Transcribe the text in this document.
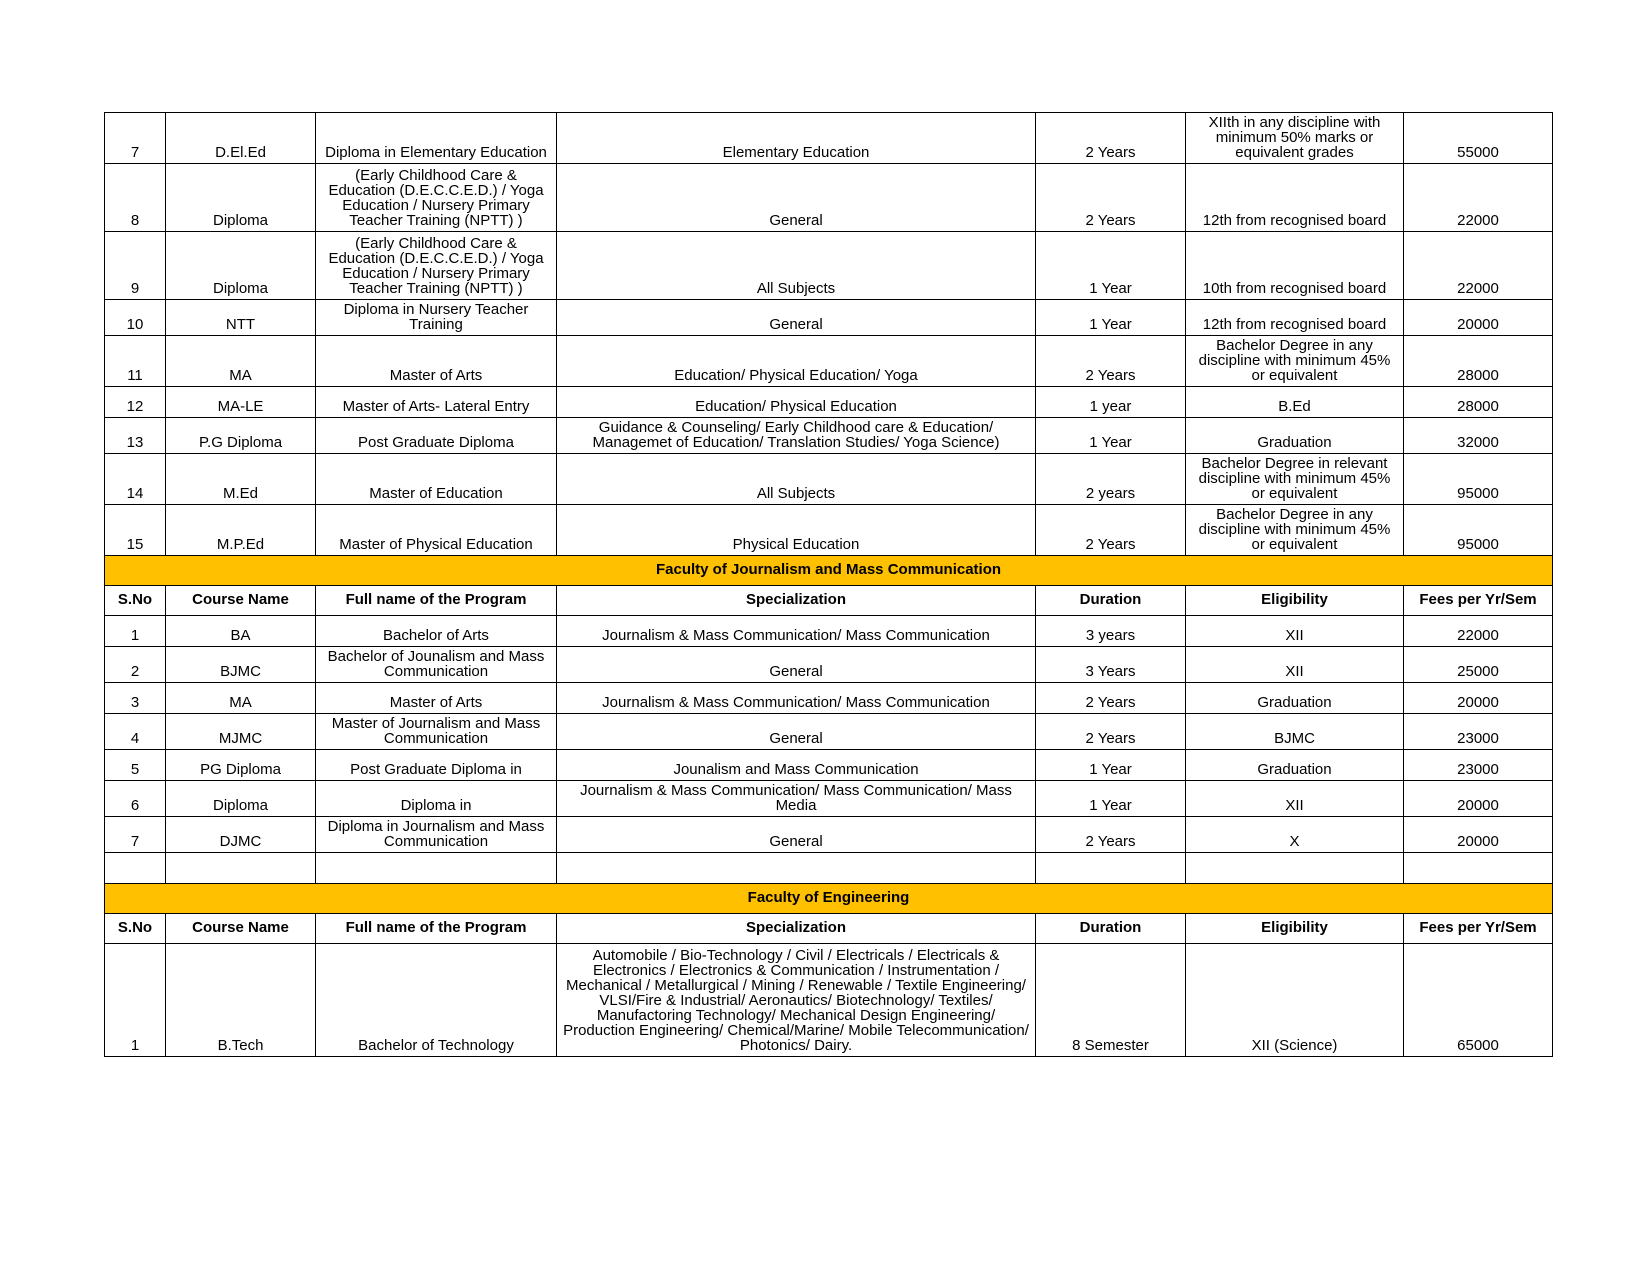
7	D.El.Ed	Diploma in Elementary Education	Elementary Education	2 Years	XIIth in any discipline with minimum 50% marks or equivalent grades	55000
8	Diploma	(Early Childhood Care & Education (D.E.C.C.E.D.) / Yoga Education / Nursery Primary Teacher Training (NPTT) )	General	2 Years	12th from recognised board	22000
9	Diploma	(Early Childhood Care & Education (D.E.C.C.E.D.) / Yoga Education / Nursery Primary Teacher Training (NPTT) )	All Subjects	1 Year	10th from recognised board	22000
10	NTT	Diploma in Nursery Teacher Training	General	1 Year	12th from recognised board	20000
11	MA	Master of Arts	Education/ Physical Education/ Yoga	2 Years	Bachelor Degree in any discipline with minimum 45% or equivalent	28000
12	MA-LE	Master of Arts- Lateral Entry	Education/ Physical Education	1 year	B.Ed	28000
13	P.G Diploma	Post Graduate Diploma	Guidance & Counseling/ Early Childhood care & Education/ Managemet of Education/ Translation Studies/ Yoga Science)	1 Year	Graduation	32000
14	M.Ed	Master of Education	All Subjects	2 years	Bachelor Degree in relevant discipline with minimum 45% or equivalent	95000
15	M.P.Ed	Master of Physical Education	Physical Education	2 Years	Bachelor Degree in any discipline with minimum 45% or equivalent	95000
Faculty of Journalism and Mass Communication						
S.No	Course Name	Full name of the Program	Specialization	Duration	Eligibility	Fees per Yr/Sem
1	BA	Bachelor of Arts	Journalism & Mass Communication/ Mass Communication	3 years	XII	22000
2	BJMC	Bachelor of Jounalism and Mass Communication	General	3 Years	XII	25000
3	MA	Master of Arts	Journalism & Mass Communication/ Mass Communication	2 Years	Graduation	20000
4	MJMC	Master of Journalism and Mass Communication	General	2 Years	BJMC	23000
5	PG Diploma	Post Graduate Diploma in	Jounalism and Mass Communication	1 Year	Graduation	23000
6	Diploma	Diploma in	Journalism & Mass Communication/ Mass Communication/ Mass Media	1 Year	XII	20000
7	DJMC	Diploma in Journalism and Mass Communication	General	2 Years	X	20000

Faculty of Engineering						
S.No	Course Name	Full name of the Program	Specialization	Duration	Eligibility	Fees per Yr/Sem
1	B.Tech	Bachelor of Technology	Automobile / Bio-Technology / Civil / Electricals / Electricals & Electronics / Electronics & Communication / Instrumentation / Mechanical / Metallurgical / Mining / Renewable / Textile Engineering/ VLSI/Fire & Industrial/ Aeronautics/ Biotechnology/ Textiles/ Manufactoring Technology/ Mechanical Design Engineering/ Production Engineering/ Chemical/Marine/ Mobile Telecommunication/ Photonics/ Dairy.	8 Semester	XII (Science)	65000
